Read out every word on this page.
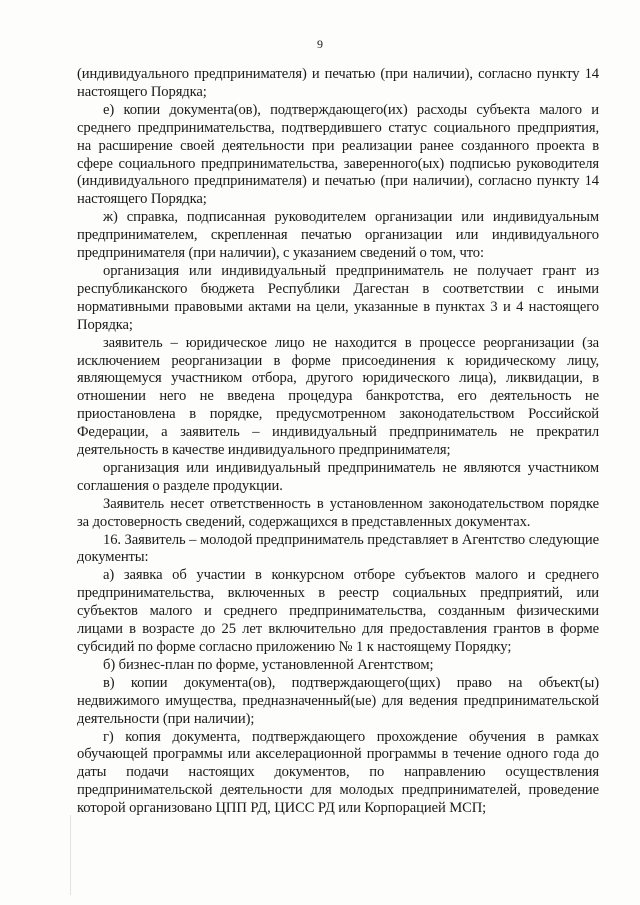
9

(индивидуального предпринимателя) и печатью (при наличии), согласно пункту 14 настоящего Порядка;

е) копии документа(ов), подтверждающего(их) расходы субъекта малого и среднего предпринимательства, подтвердившего статус социального предприятия, на расширение своей деятельности при реализации ранее созданного проекта в сфере социального предпринимательства, заверенного(ых) подписью руководителя (индивидуального предпринимателя) и печатью (при наличии), согласно пункту 14 настоящего Порядка;

ж) справка, подписанная руководителем организации или индивидуальным предпринимателем, скрепленная печатью организации или индивидуального предпринимателя (при наличии), с указанием сведений о том, что:

организация или индивидуальный предприниматель не получает грант из республиканского бюджета Республики Дагестан в соответствии с иными нормативными правовыми актами на цели, указанные в пунктах 3 и 4 настоящего Порядка;

заявитель – юридическое лицо не находится в процессе реорганизации (за исключением реорганизации в форме присоединения к юридическому лицу, являющемуся участником отбора, другого юридического лица), ликвидации, в отношении него не введена процедура банкротства, его деятельность не приостановлена в порядке, предусмотренном законодательством Российской Федерации, а заявитель – индивидуальный предприниматель не прекратил деятельность в качестве индивидуального предпринимателя;

организация или индивидуальный предприниматель не являются участником соглашения о разделе продукции.

Заявитель несет ответственность в установленном законодательством порядке за достоверность сведений, содержащихся в представленных документах.

16. Заявитель – молодой предприниматель представляет в Агентство следующие документы:

а) заявка об участии в конкурсном отборе субъектов малого и среднего предпринимательства, включенных в реестр социальных предприятий, или субъектов малого и среднего предпринимательства, созданным физическими лицами в возрасте до 25 лет включительно для предоставления грантов в форме субсидий по форме согласно приложению № 1 к настоящему Порядку;

б) бизнес-план по форме, установленной Агентством;

в) копии документа(ов), подтверждающего(щих) право на объект(ы) недвижимого имущества, предназначенный(ые) для ведения предпринимательской деятельности (при наличии);

г) копия документа, подтверждающего прохождение обучения в рамках обучающей программы или акселерационной программы в течение одного года до даты подачи настоящих документов, по направлению осуществления предпринимательской деятельности для молодых предпринимателей, проведение которой организовано ЦПП РД, ЦИСС РД или Корпорацией МСП;
